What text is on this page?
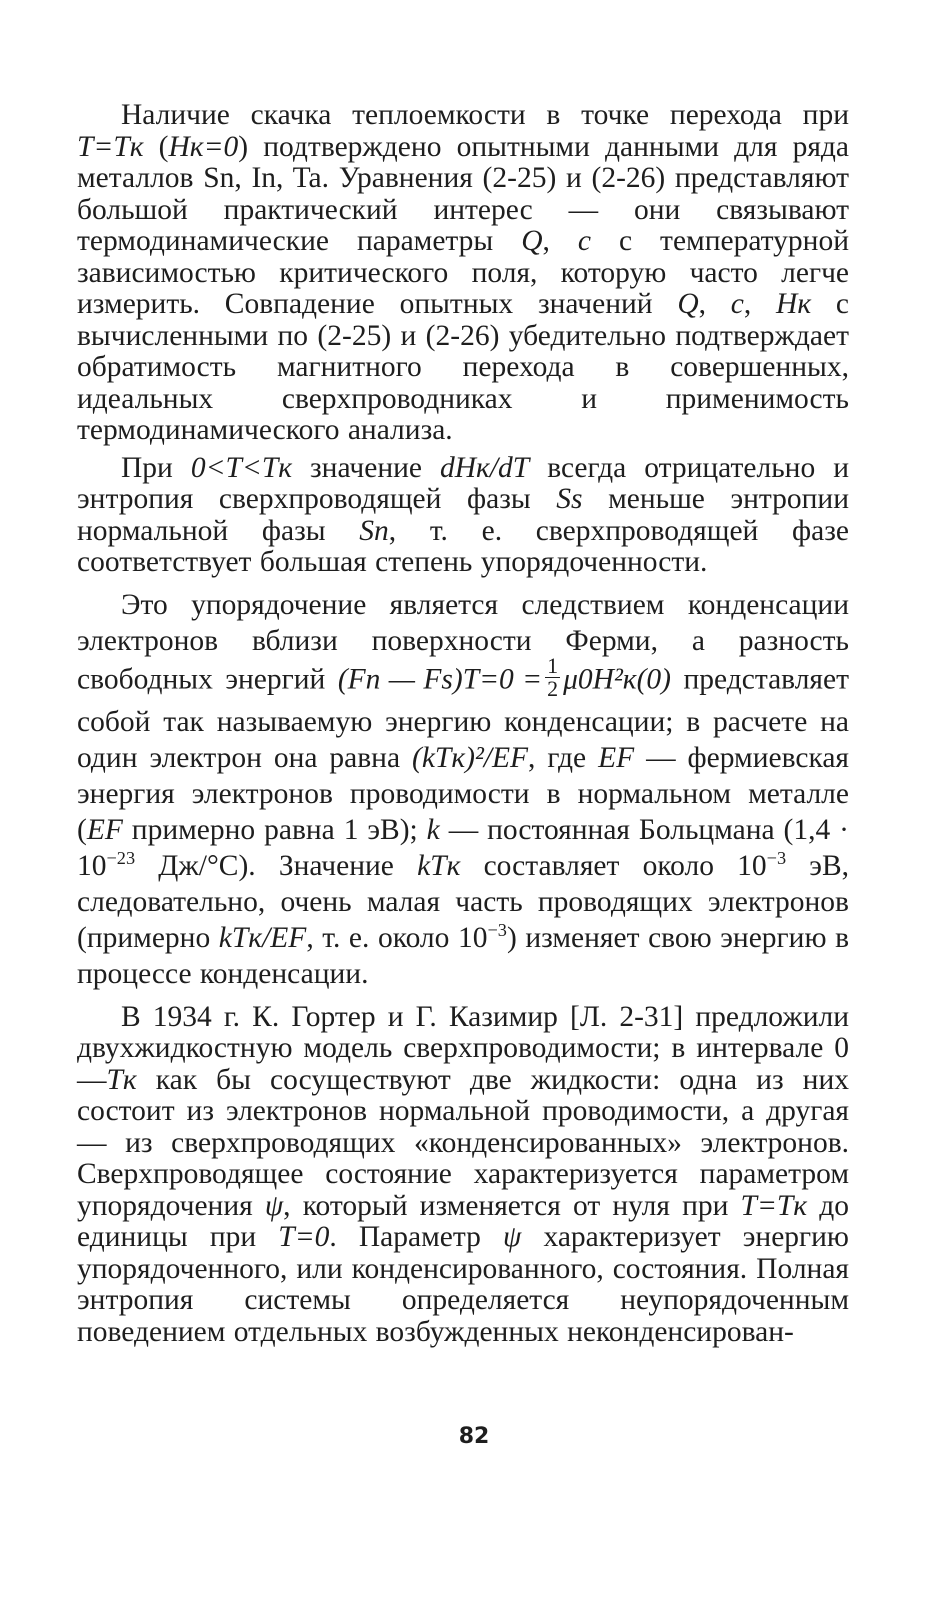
Наличие скачка теплоемкости в точке перехода при T=Tк (Hк=0) подтверждено опытными данными для ряда металлов Sn, In, Ta. Уравнения (2-25) и (2-26) представляют большой практический интерес — они связывают термодинамические параметры Q, c с температурной зависимостью критического поля, которую часто легче измерить. Совпадение опытных значений Q, c, Hк с вычисленными по (2-25) и (2-26) убедительно подтверждает обратимость магнитного перехода в совершенных, идеальных сверхпроводниках и применимость термодинамического анализа.

При 0<T<Tк значение dHк/dT всегда отрицательно и энтропия сверхпроводящей фазы Ss меньше энтропии нормальной фазы Sn, т. е. сверхпроводящей фазе соответствует большая степень упорядоченности.

Это упорядочение является следствием конденсации электронов вблизи поверхности Ферми, а разность свободных энергий (Fn — $Fs)T=0 = \frac{1}{2} \mu 0H^2к(0)$ представляет собой так называемую энергию конденсации; в расчете на один электрон она равна (kTк)²/EF, где EF — фермиевская энергия электронов проводимости в нормальном металле (EF примерно равна 1 эВ); k — постоянная Больцмана ($1,4 \cdot 10^{-23}$ Дж/°С). Значение kTк составляет около $10^{-3}$ эВ, следовательно, очень малая часть проводящих электронов (примерно kTк/EF, т. е. около $10^{-3}$) изменяет свою энергию в процессе конденсации.

В 1934 г. К. Гортер и Г. Казимир [Л. 2-31] предложили двухжидкостную модель сверхпроводимости; в интервале 0—Tк как бы сосуществуют две жидкости: одна из них состоит из электронов нормальной проводимости, а другая — из сверхпроводящих «конденсированных» электронов. Сверхпроводящее состояние характеризуется параметром упорядочения ψ, который изменяется от нуля при T=Tк до единицы при T=0. Параметр ψ характеризует энергию упорядоченного, или конденсированного, состояния. Полная энтропия системы определяется неупорядоченным поведением отдельных возбужденных неконденсирован-

82
